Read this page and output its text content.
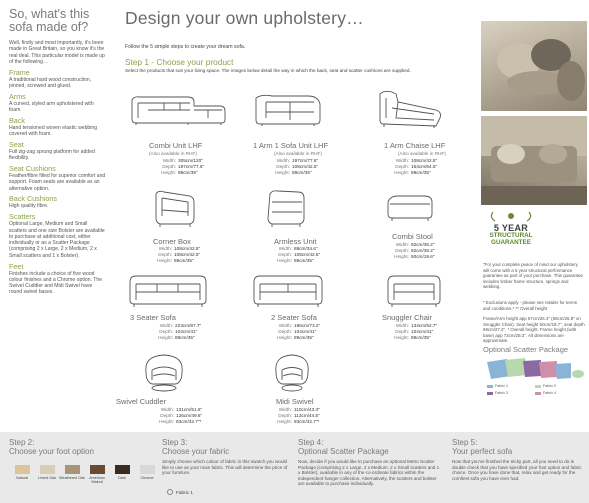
So, what's this sofa made of?
Well, firstly and most importantly, it's been made in Great Britain, so you know it's the real deal. This particular model is made up of the following…
Frame
A traditional hard wood construction, pinned, screwed and glued.
Arms
A curved, styled arm upholstered with foam.
Back
Hand tensioned woven elastic webbing covered with foam.
Seat
Full zig-zag sprung platform for added flexibility.
Seat Cushions
Feather/fibre filled for superior comfort and support. Foam seats are available as an alternative option.
Back Cushions
High quality fibre.
Scatters
Optional Large, Medium and Small scatters and one size Bolster are available to purchase at additional cost, either individually or as a Scatter Package (comprising 2 x Large, 2 x Medium, 2 x Small scatters and 1 x Bolster).
Feet
Finishes include a choice of five wood colour finishes and a Chrome option. The Swivel Cuddler and Midi Swivel have round swivel bases.
Design your own upholstery…
Follow the 5 simple steps to create your dream sofa.
Step 1 - Choose your product
Select the products that suit your living space. The images below detail the way in which the back, seat and scatter cushions are supplied.
Combi Unit LHF
(Also available in RHF)
Width: 305cm/120"
Depth: 197cm/77.6"
Height: 89cm/35"
1 Arm 1 Sofa Unit LHF
(Also available in RHF)
Width: 197cm/77.6"
Depth: 108cm/42.5"
Height: 89cm/35"
1 Arm Chaise LHF
(Also available in RHF)
Width: 108cm/42.5"
Depth: 164cm/64.5"
Height: 89cm/35"
Corner Box
Width: 108cm/42.5"
Depth: 108cm/42.5"
Height: 89cm/35"
Armless Unit
Width: 88cm/34.6"
Depth: 108cm/42.5"
Height: 89cm/35"
Combi Stool
Width: 92cm/36.2"
Depth: 92cm/36.2"
Height: 50cm/19.6"
3 Seater Sofa
Width: 223cm/87.7"
Depth: 104cm/41"
Height: 89cm/35"
2 Seater Sofa
Width: 186cm/73.2"
Depth: 104cm/41"
Height: 89cm/35"
Snuggler Chair
Width: 134cm/52.7"
Depth: 104cm/41"
Height: 89cm/35"
Swivel Cuddler
Width: 131cm/51.6"
Depth: 126cm/49.6"
Height: 83cm/32.7"*
Midi Swivel
Width: 110cm/43.3"
Depth: 113cm/44.5"
Height: 83cm/32.7"*
5 YEAR
STRUCTURAL
GUARANTEE
"For your complete peace of mind our upholstery will come with a 5 year structural performance guarantee as part of your purchase. This guarantee includes timber frame structure, springs and webbing.
* Exclusions apply - please see retailer for terms and conditions.* ** Overall height
Frame/Arm height app 67cm/26.4" (68cm/26.8" on Snuggler Chair). Seat height 50cm/19.7", seat depth 69cm/27.2". * Overall height. Frame height (with base) app 72cm/28.3". All dimensions are approximate.
Optional Scatter Package
Fabric 1	Fabric 2
Fabric 3	Fabric 4
Step 2:
Choose your foot option
Natural	Limed Oak Weathered Oak	American Walnut
Dark	Chrome
Step 3:
Choose your fabric
Simply choose which colour of fabric in this swatch you would like to use as your main fabric. This will determine the price of your furniture.
Fabric 1
Step 4:
Optional Scatter Package
Now, decide if you would like to purchase an optional Metro Scatter Package (comprising 2 x Large, 2 x Medium, 2 x Small scatters and 1 x Bolster), available in any of the co-ordinate fabrics within the independent hanger collection. Alternatively, the scatters and bolster are available to purchase individually.
Step 5:
Your perfect sofa
Now that you've finished the tricky part, all you need to do is double check that you have specified your foot option and fabric choice. Once you have done that, relax and get ready for the comfiest sofa you have ever had.
